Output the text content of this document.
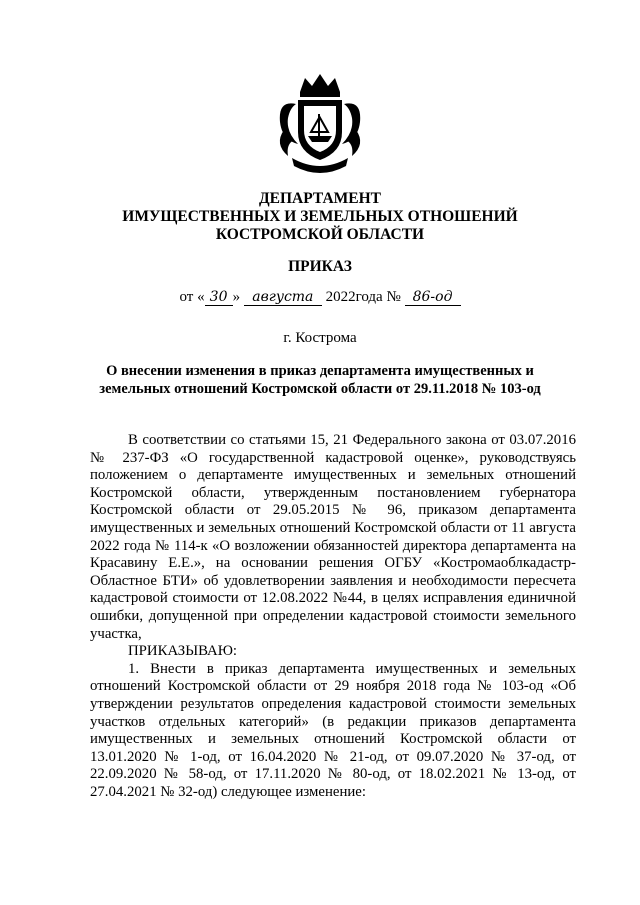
ДЕПАРТАМЕНТ
ИМУЩЕСТВЕННЫХ И ЗЕМЕЛЬНЫХ ОТНОШЕНИЙ
КОСТРОМСКОЙ ОБЛАСТИ
ПРИКАЗ
от « 30 » августа 2022года № 86-од
г. Кострома
О внесении изменения в приказ департамента имущественных и
земельных отношений Костромской области от 29.11.2018 № 103-од

В соответствии со статьями 15, 21 Федерального закона от 03.07.2016 № 237-ФЗ «О государственной кадастровой оценке», руководствуясь положением о департаменте имущественных и земельных отношений Костромской области, утвержденным постановлением губернатора Костромской области от 29.05.2015 № 96, приказом департамента имущественных и земельных отношений Костромской области от 11 августа 2022 года № 114-к «О возложении обязанностей директора департамента на Красавину Е.Е.», на основании решения ОГБУ «Костромаоблкадастр-Областное БТИ» об удовлетворении заявления и необходимости пересчета кадастровой стоимости от 12.08.2022 №44, в целях исправления единичной ошибки, допущенной при определении кадастровой стоимости земельного участка,

ПРИКАЗЫВАЮ:

1. Внести в приказ департамента имущественных и земельных отношений Костромской области от 29 ноября 2018 года № 103-од «Об утверждении результатов определения кадастровой стоимости земельных участков отдельных категорий» (в редакции приказов департамента имущественных и земельных отношений Костромской области от 13.01.2020 № 1-од, от 16.04.2020 № 21-од, от 09.07.2020 № 37-од, от 22.09.2020 № 58-од, от 17.11.2020 № 80-од, от 18.02.2021 № 13-од, от 27.04.2021 № 32-од) следующее изменение:
